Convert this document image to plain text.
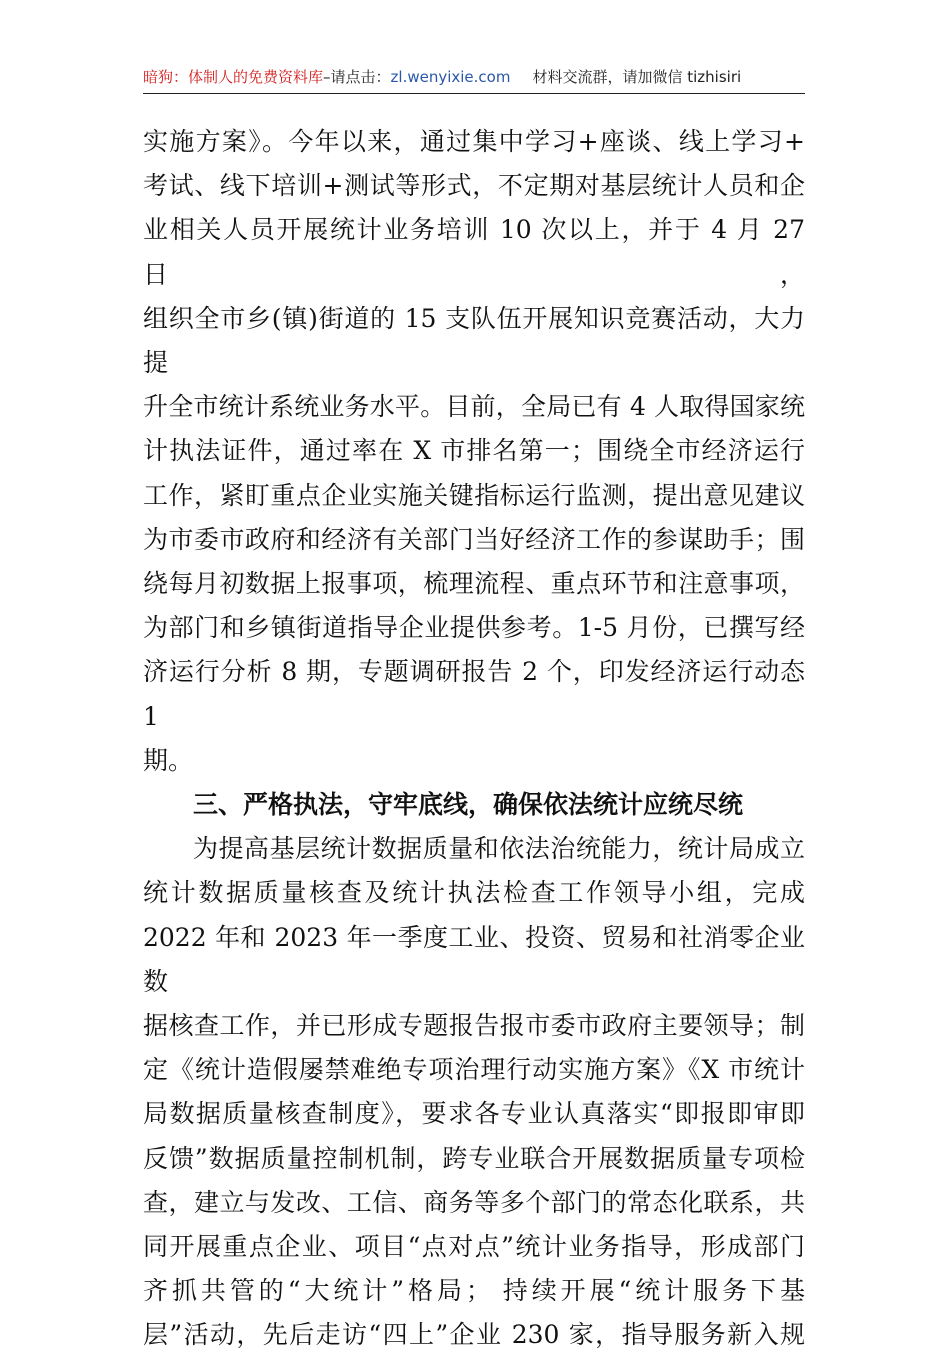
暗狗：体制人的免费资料库–请点击：zl.wenyixie.com 材料交流群，请加微信 tizhisiri

实施方案》。今年以来，通过集中学习+座谈、线上学习+

考试、线下培训+测试等形式，不定期对基层统计人员和企

业相关人员开展统计业务培训 10 次以上，并于 4 月 27 日，

组织全市乡(镇)街道的 15 支队伍开展知识竞赛活动，大力提

升全市统计系统业务水平。目前，全局已有 4 人取得国家统

计执法证件，通过率在 X 市排名第一；围绕全市经济运行

工作，紧盯重点企业实施关键指标运行监测，提出意见建议

为市委市政府和经济有关部门当好经济工作的参谋助手；围

绕每月初数据上报事项，梳理流程、重点环节和注意事项，

为部门和乡镇街道指导企业提供参考。1-5 月份，已撰写经

济运行分析 8 期，专题调研报告 2 个，印发经济运行动态 1

期。

三、严格执法，守牢底线，确保依法统计应统尽统

为提高基层统计数据质量和依法治统能力，统计局成立

统计数据质量核查及统计执法检查工作领导小组，完成

2022 年和 2023 年一季度工业、投资、贸易和社消零企业数

据核查工作，并已形成专题报告报市委市政府主要领导；制

定《统计造假屡禁难绝专项治理行动实施方案》《X 市统计

局数据质量核查制度》，要求各专业认真落实“即报即审即

反馈”数据质量控制机制，跨专业联合开展数据质量专项检

查，建立与发改、工信、商务等多个部门的常态化联系，共

同开展重点企业、项目“点对点”统计业务指导，形成部门

齐抓共管的“大统计”格局； 持续开展“统计服务下基

层”活动，先后走访“四上”企业 230 家，指导服务新入规
